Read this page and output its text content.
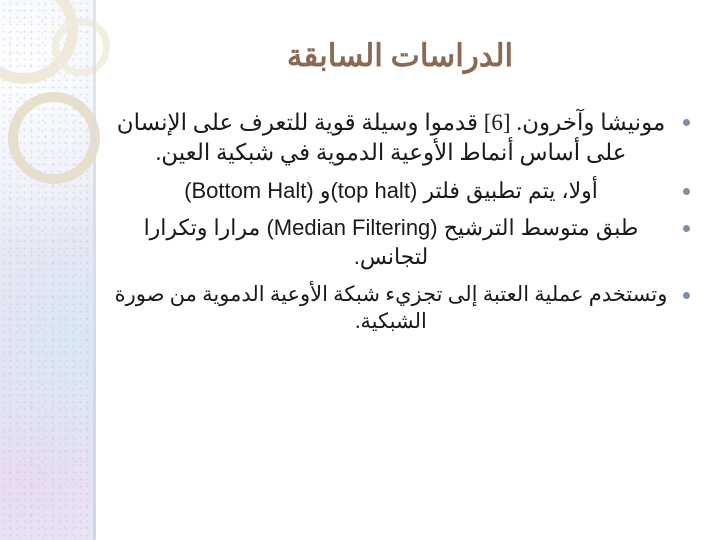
الدراسات السابقة
مونيشا وآخرون. [6] قدموا وسيلة قوية للتعرف على الإنسان على أساس أنماط الأوعية الدموية في شبكية العين.
أولا، يتم تطبيق فلتر (top halt)و (Bottom Halt)
طبق متوسط الترشيح (Median Filtering) مرارا وتكرارا لتجانس.
وتستخدم عملية العتبة إلى تجزيء شبكة الأوعية الدموية من صورة الشبكية.
